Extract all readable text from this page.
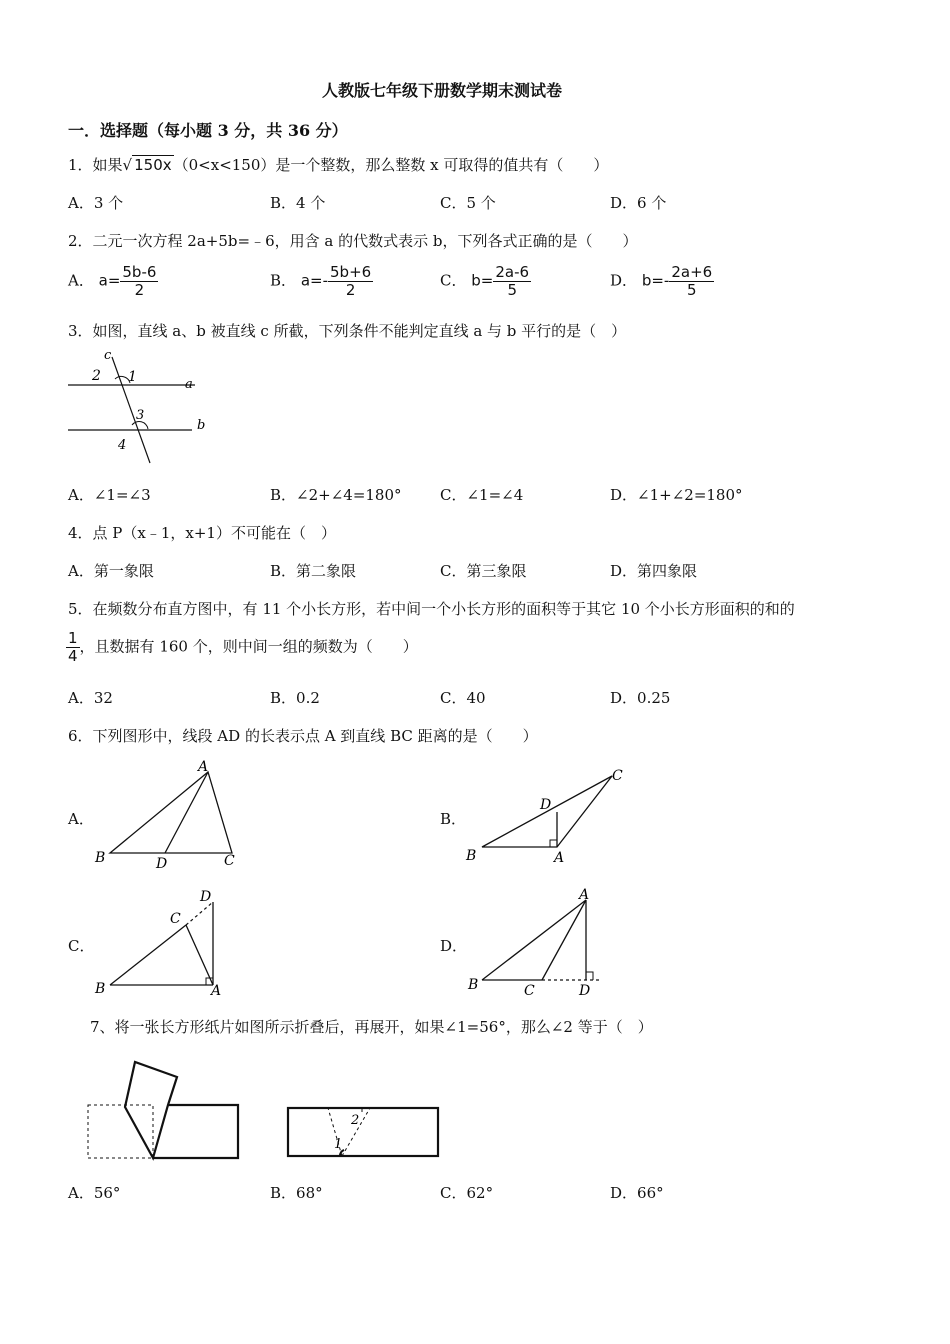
人教版七年级下册数学期末测试卷
一．选择题（每小题 3 分，共 36 分）
1．如果√ 150x （0<x<150）是一个整数，那么整数 x 可取得的值共有（　　）
A．3 个	B．4 个	C．5 个	D．6 个
2．二元一次方程 2a+5b=﹣6，用含 a 的代数式表示 b，下列各式正确的是（　　）
A． $a= \frac{5b-6}{2}$	B． $a=- \frac{5b+6}{2}$	C． $b= \frac{2a-6}{5}$	D． $b=- \frac{2a+6}{5}$
3．如图，直线 a、b 被直线 c 所截，下列条件不能判定直线 a 与 b 平行的是（　）
c
2 1	a
3
b
4
A．∠1=∠3	B．∠2+∠4=180°	C．∠1=∠4	D．∠1+∠2=180°
4．点 P（x﹣1，x+1）不可能在（　）
A．第一象限	B．第二象限	C．第三象限	D．第四象限
5．在频数分布直方图中，有 11 个小长方形，若中间一个小长方形的面积等于其它 10 个小长方形面积的和的
$\frac{1}{4}$ ，且数据有 160 个，则中间一组的频数为（　　）
A．32	B．0.2	C．40	D．0.25
6．下列图形中，线段 AD 的长表示点 A 到直线 BC 距离的是（　　）
A．
A
B	D	C
B．
D
B	A
C
C．
C
D
B	A
D．
A
B	C	D
7、将一张长方形纸片如图所示折叠后，再展开，如果∠1=56°，那么∠2 等于（　）
1
2
A．56°	B．68°	C．62°	D．66°
